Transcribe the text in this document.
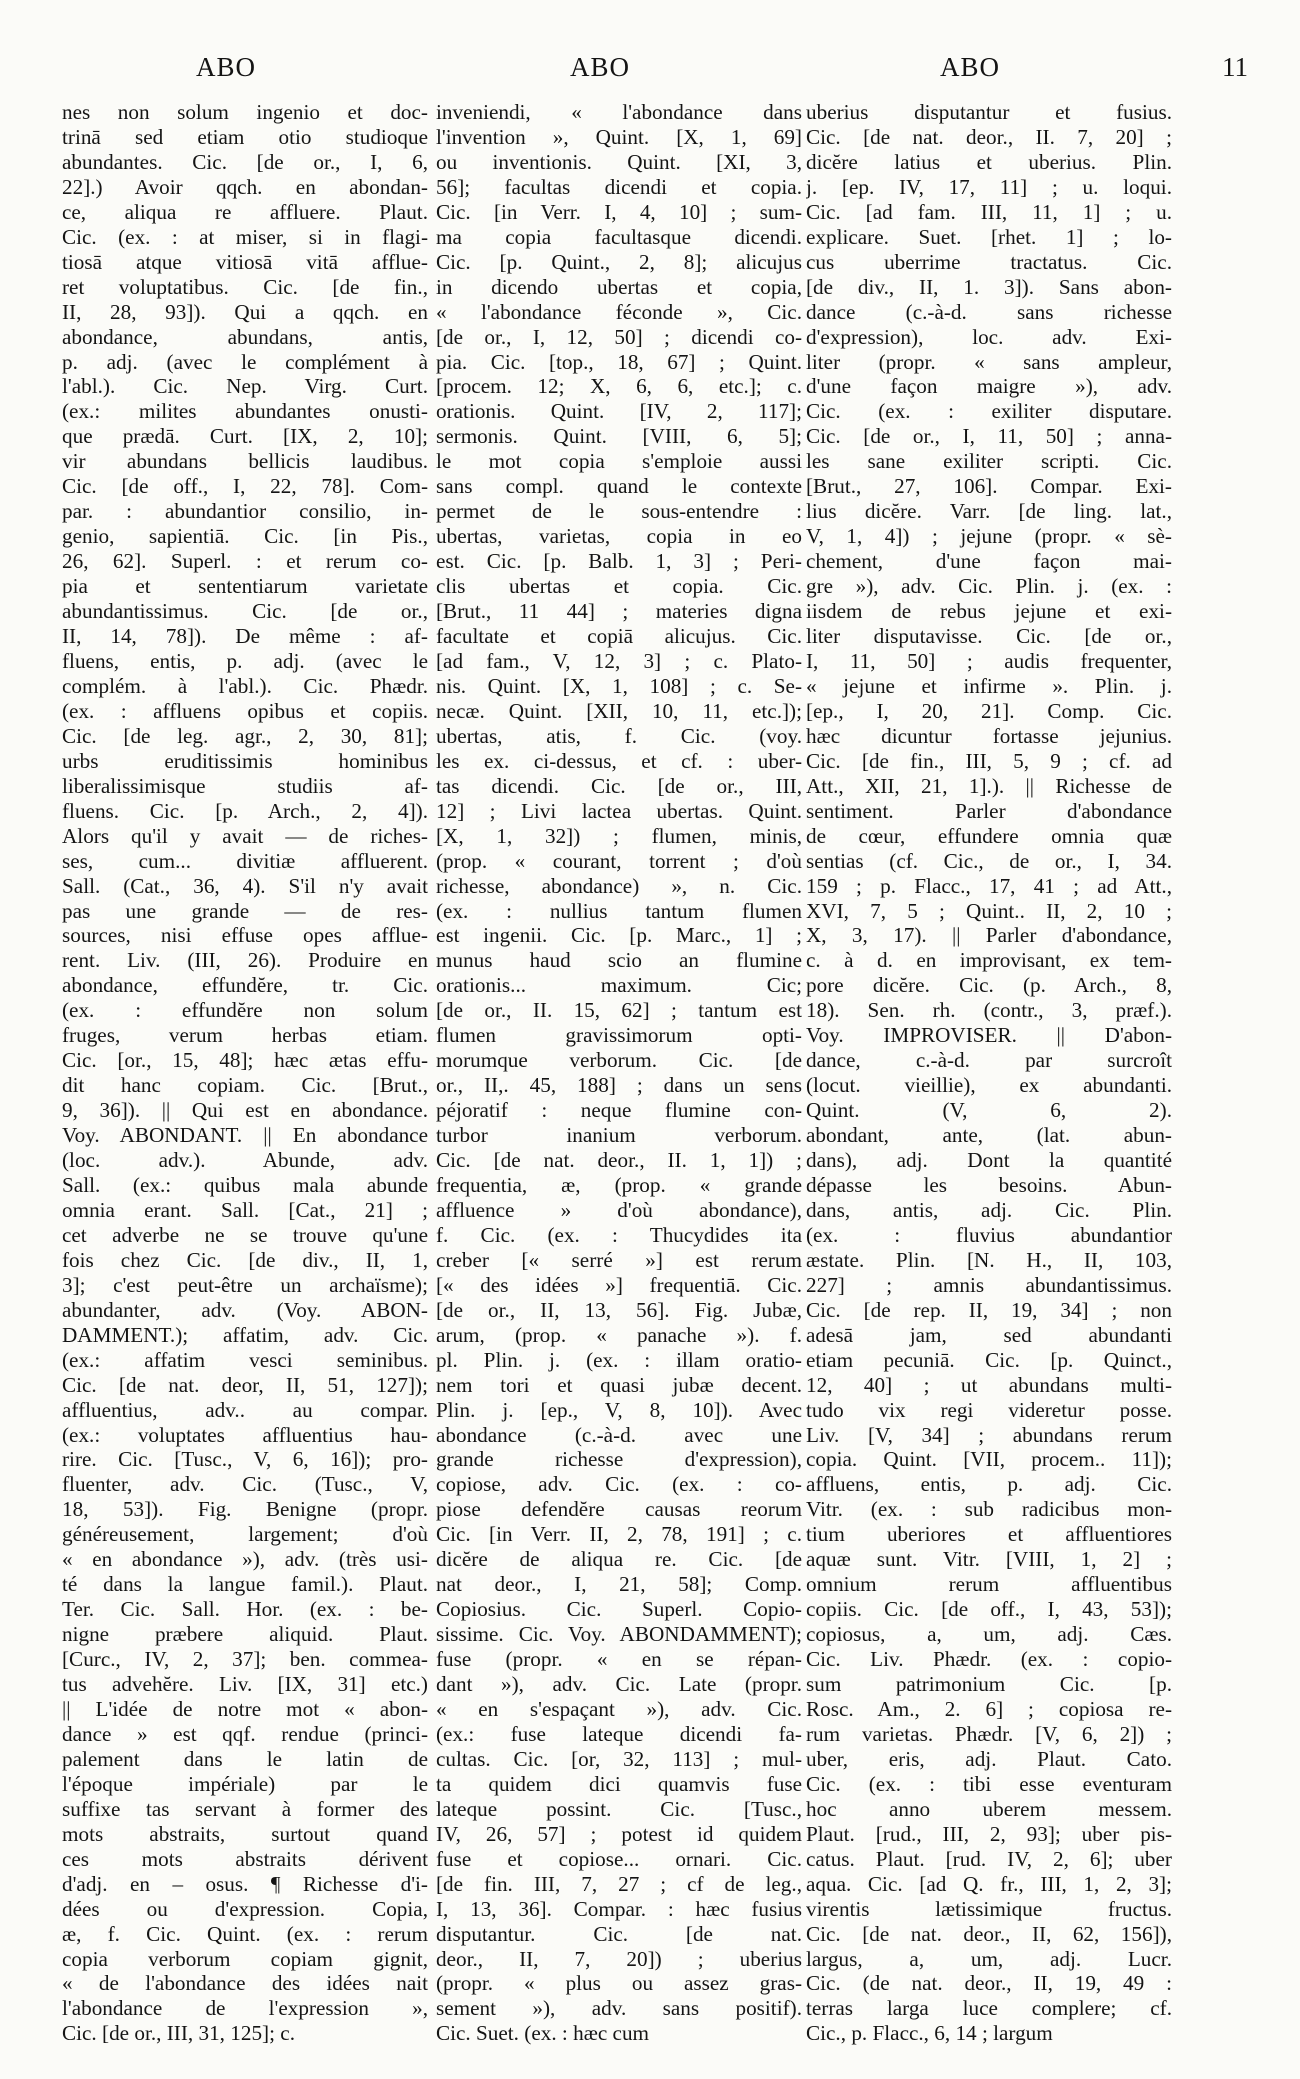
ABO	ABO	ABO	11
nes non solum ingenio et doc-
trinā sed etiam otio studioque
abundantes. Cic. [de or., I, 6,
22].) Avoir qqch. en abondan-
ce, aliqua re affluere. Plaut.
Cic. (ex. : at miser, si in flagi-
tiosā atque vitiosā vitā afflue-
ret voluptatibus. Cic. [de fin.,
II, 28, 93]). Qui a qqch. en
abondance, abundans, antis,
p. adj. (avec le complément à
l'abl.). Cic. Nep. Virg. Curt.
(ex.: milites abundantes onusti-
que prædā. Curt. [IX, 2, 10];
vir abundans bellicis laudibus.
Cic. [de off., I, 22, 78]. Com-
par. : abundantior consilio, in-
genio, sapientiā. Cic. [in Pis.,
26, 62]. Superl. : et rerum co-
pia et sententiarum varietate
abundantissimus. Cic. [de or.,
II, 14, 78]). De même : af-
fluens, entis, p. adj. (avec le
complém. à l'abl.). Cic. Phædr.
(ex. : affluens opibus et copiis.
Cic. [de leg. agr., 2, 30, 81];
urbs eruditissimis hominibus
liberalissimisque studiis af-
fluens. Cic. [p. Arch., 2, 4]).
Alors qu'il y avait — de riches-
ses, cum... divitiæ affluerent.
Sall. (Cat., 36, 4). S'il n'y avait
pas une grande — de res-
sources, nisi effuse opes afflue-
rent. Liv. (III, 26). Produire en
abondance, effundĕre, tr. Cic.
(ex. : effundĕre non solum
fruges, verum herbas etiam.
Cic. [or., 15, 48]; hæc ætas effu-
dit hanc copiam. Cic. [Brut.,
9, 36]). || Qui est en abondance.
Voy. ABONDANT. || En abondance
(loc. adv.). Abunde, adv.
Sall. (ex.: quibus mala abunde
omnia erant. Sall. [Cat., 21] ;
cet adverbe ne se trouve qu'une
fois chez Cic. [de div., II, 1,
3]; c'est peut-être un archaïsme);
abundanter, adv. (Voy. ABON-
DAMMENT.); affatim, adv. Cic.
(ex.: affatim vesci seminibus.
Cic. [de nat. deor, II, 51, 127]);
affluentius, adv.. au compar.
(ex.: voluptates affluentius hau-
rire. Cic. [Tusc., V, 6, 16]); pro-
fluenter, adv. Cic. (Tusc., V,
18, 53]). Fig. Benigne (propr.
généreusement, largement; d'où
« en abondance »), adv. (très usi-
té dans la langue famil.). Plaut.
Ter. Cic. Sall. Hor. (ex. : be-
nigne præbere aliquid. Plaut.
[Curc., IV, 2, 37]; ben. commea-
tus advehĕre. Liv. [IX, 31] etc.)
|| L'idée de notre mot « abon-
dance » est qqf. rendue (princi-
palement dans le latin de
l'époque impériale) par le
suffixe tas servant à former des
mots abstraits, surtout quand
ces mots abstraits dérivent
d'adj. en – osus. ¶ Richesse d'i-
dées ou d'expression. Copia,
æ, f. Cic. Quint. (ex. : rerum
copia verborum copiam gignit,
« de l'abondance des idées nait
l'abondance de l'expression »,
Cic. [de or., III, 31, 125]; c.
inveniendi, « l'abondance dans
l'invention », Quint. [X, 1, 69]
ou inventionis. Quint. [XI, 3,
56]; facultas dicendi et copia.
Cic. [in Verr. I, 4, 10] ; sum-
ma copia facultasque dicendi.
Cic. [p. Quint., 2, 8]; alicujus
in dicendo ubertas et copia,
« l'abondance féconde », Cic.
[de or., I, 12, 50] ; dicendi co-
pia. Cic. [top., 18, 67] ; Quint.
[procem. 12; X, 6, 6, etc.]; c.
orationis. Quint. [IV, 2, 117];
sermonis. Quint. [VIII, 6, 5];
le mot copia s'emploie aussi
sans compl. quand le contexte
permet de le sous-entendre :
ubertas, varietas, copia in eo
est. Cic. [p. Balb. 1, 3] ; Peri-
clis ubertas et copia. Cic.
[Brut., 11 44] ; materies digna
facultate et copiā alicujus. Cic.
[ad fam., V, 12, 3] ; c. Plato-
nis. Quint. [X, 1, 108] ; c. Se-
necæ. Quint. [XII, 10, 11, etc.]);
ubertas, atis, f. Cic. (voy.
les ex. ci-dessus, et cf. : uber-
tas dicendi. Cic. [de or., III,
12] ; Livi lactea ubertas. Quint.
[X, 1, 32]) ; flumen, minis,
(prop. « courant, torrent ; d'où
richesse, abondance) », n. Cic.
(ex. : nullius tantum flumen
est ingenii. Cic. [p. Marc., 1] ;
munus haud scio an flumine
orationis... maximum. Cic;
[de or., II. 15, 62] ; tantum est
flumen gravissimorum opti-
morumque verborum. Cic. [de
or., II,. 45, 188] ; dans un sens
péjoratif : neque flumine con-
turbor inanium verborum.
Cic. [de nat. deor., II. 1, 1]) ;
frequentia, æ, (prop. « grande
affluence » d'où abondance),
f. Cic. (ex. : Thucydides ita
creber [« serré »] est rerum
[« des idées »] frequentiā. Cic.
[de or., II, 13, 56]. Fig. Jubæ,
arum, (prop. « panache »). f.
pl. Plin. j. (ex. : illam oratio-
nem tori et quasi jubæ decent.
Plin. j. [ep., V, 8, 10]). Avec
abondance (c.-à-d. avec une
grande richesse d'expression),
copiose, adv. Cic. (ex. : co-
piose defendĕre causas reorum
Cic. [in Verr. II, 2, 78, 191] ; c.
dicĕre de aliqua re. Cic. [de
nat deor., I, 21, 58]; Comp.
Copiosius. Cic. Superl. Copio-
sissime. Cic. Voy. ABONDAMMENT);
fuse (propr. « en se répan-
dant »), adv. Cic. Late (propr.
« en s'espaçant »), adv. Cic.
(ex.: fuse lateque dicendi fa-
cultas. Cic. [or, 32, 113] ; mul-
ta quidem dici quamvis fuse
lateque possint. Cic. [Tusc.,
IV, 26, 57] ; potest id quidem
fuse et copiose... ornari. Cic.
[de fin. III, 7, 27 ; cf de leg.,
I, 13, 36]. Compar. : hæc fusius
disputantur. Cic. [de nat.
deor., II, 7, 20]) ; uberius
(propr. « plus ou assez gras-
sement »), adv. sans positif).
Cic. Suet. (ex. : hæc cum
uberius disputantur et fusius.
Cic. [de nat. deor., II. 7, 20] ;
dicĕre latius et uberius. Plin.
j. [ep. IV, 17, 11] ; u. loqui.
Cic. [ad fam. III, 11, 1] ; u.
explicare. Suet. [rhet. 1] ; lo-
cus uberrime tractatus. Cic.
[de div., II, 1. 3]). Sans abon-
dance (c.-à-d. sans richesse
d'expression), loc. adv. Exi-
liter (propr. « sans ampleur,
d'une façon maigre »), adv.
Cic. (ex. : exiliter disputare.
Cic. [de or., I, 11, 50] ; anna-
les sane exiliter scripti. Cic.
[Brut., 27, 106]. Compar. Exi-
lius dicĕre. Varr. [de ling. lat.,
V, 1, 4]) ; jejune (propr. « sè-
chement, d'une façon mai-
gre »), adv. Cic. Plin. j. (ex. :
iisdem de rebus jejune et exi-
liter disputavisse. Cic. [de or.,
I, 11, 50] ; audis frequenter,
« jejune et infirme ». Plin. j.
[ep., I, 20, 21]. Comp. Cic.
hæc dicuntur fortasse jejunius.
Cic. [de fin., III, 5, 9 ; cf. ad
Att., XII, 21, 1].). || Richesse de
sentiment. Parler d'abondance
de cœur, effundere omnia quæ
sentias (cf. Cic., de or., I, 34.
159 ; p. Flacc., 17, 41 ; ad Att.,
XVI, 7, 5 ; Quint.. II, 2, 10 ;
X, 3, 17). || Parler d'abondance,
c. à d. en improvisant, ex tem-
pore dicĕre. Cic. (p. Arch., 8,
18). Sen. rh. (contr., 3, præf.).
Voy. IMPROVISER. || D'abon-
dance, c.-à-d. par surcroît
(locut. vieillie), ex abundanti.
Quint. (V, 6, 2).
abondant, ante, (lat. abun-
dans), adj. Dont la quantité
dépasse les besoins. Abun-
dans, antis, adj. Cic. Plin.
(ex. : fluvius abundantior
æstate. Plin. [N. H., II, 103,
227] ; amnis abundantissimus.
Cic. [de rep. II, 19, 34] ; non
adesā jam, sed abundanti
etiam pecuniā. Cic. [p. Quinct.,
12, 40] ; ut abundans multi-
tudo vix regi videretur posse.
Liv. [V, 34] ; abundans rerum
copia. Quint. [VII, procem.. 11]);
affluens, entis, p. adj. Cic.
Vitr. (ex. : sub radicibus mon-
tium uberiores et affluentiores
aquæ sunt. Vitr. [VIII, 1, 2] ;
omnium rerum affluentibus
copiis. Cic. [de off., I, 43, 53]);
copiosus, a, um, adj. Cæs.
Cic. Liv. Phædr. (ex. : copio-
sum patrimonium Cic. [p.
Rosc. Am., 2. 6] ; copiosa re-
rum varietas. Phædr. [V, 6, 2]) ;
uber, eris, adj. Plaut. Cato.
Cic. (ex. : tibi esse eventuram
hoc anno uberem messem.
Plaut. [rud., III, 2, 93]; uber pis-
catus. Plaut. [rud. IV, 2, 6]; uber
aqua. Cic. [ad Q. fr., III, 1, 2, 3];
virentis lætissimique fructus.
Cic. [de nat. deor., II, 62, 156]),
largus, a, um, adj. Lucr.
Cic. (de nat. deor., II, 19, 49 :
terras larga luce complere; cf.
Cic., p. Flacc., 6, 14 ; largum
